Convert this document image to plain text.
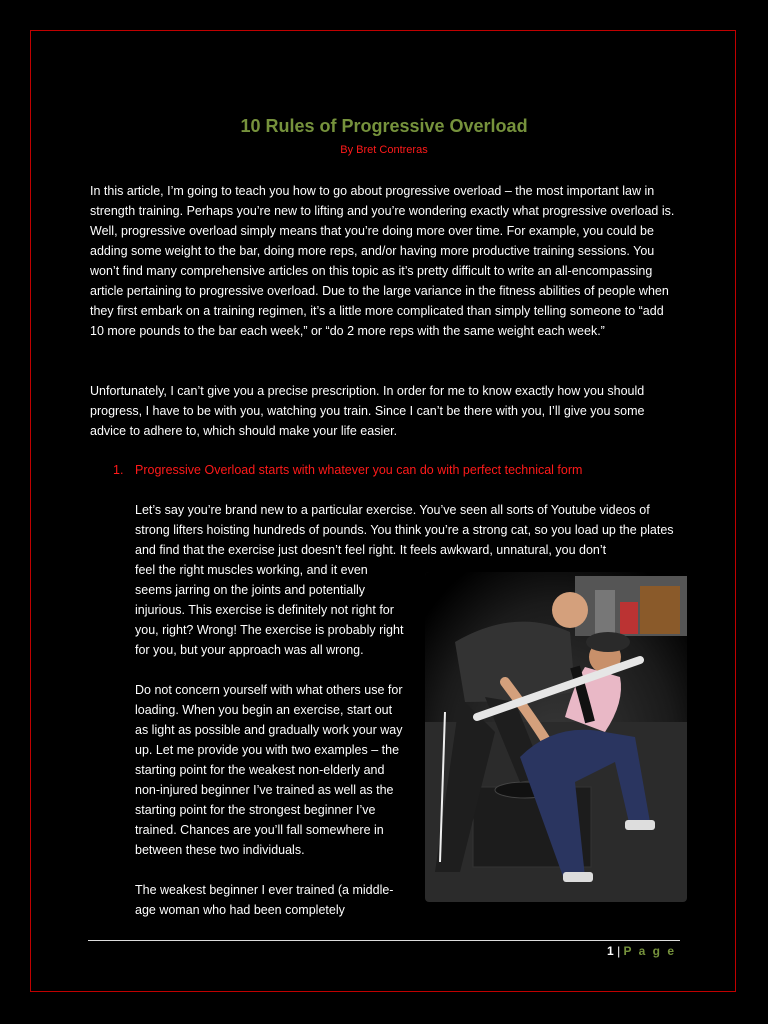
10 Rules of Progressive Overload
By Bret Contreras

In this article, I’m going to teach you how to go about progressive overload – the most important law in strength training. Perhaps you’re new to lifting and you’re wondering exactly what progressive overload is. Well, progressive overload simply means that you’re doing more over time. For example, you could be adding some weight to the bar, doing more reps, and/or having more productive training sessions. You won’t find many comprehensive articles on this topic as it’s pretty difficult to write an all-encompassing article pertaining to progressive overload. Due to the large variance in the fitness abilities of people when they first embark on a training regimen, it’s a little more complicated than simply telling someone to “add 10 more pounds to the bar each week,” or “do 2 more reps with the same weight each week.”

Unfortunately, I can’t give you a precise prescription. In order for me to know exactly how you should progress, I have to be with you, watching you train. Since I can’t be there with you, I’ll give you some advice to adhere to, which should make your life easier.

1. Progressive Overload starts with whatever you can do with perfect technical form

Let’s say you’re brand new to a particular exercise. You’ve seen all sorts of Youtube videos of strong lifters hoisting hundreds of pounds. You think you’re a strong cat, so you load up the plates and find that the exercise just doesn’t feel right. It feels awkward, unnatural, you don’t

feel the right muscles working, and it even seems jarring on the joints and potentially injurious. This exercise is definitely not right for you, right? Wrong! The exercise is probably right for you, but your approach was all wrong.

Do not concern yourself with what others use for loading. When you begin an exercise, start out as light as possible and gradually work your way up. Let me provide you with two examples – the starting point for the weakest non-elderly and non-injured beginner I’ve trained as well as the starting point for the strongest beginner I’ve trained. Chances are you’ll fall somewhere in between these two individuals.

The weakest beginner I ever trained (a middle-age woman who had been completely

1 | P a g e
